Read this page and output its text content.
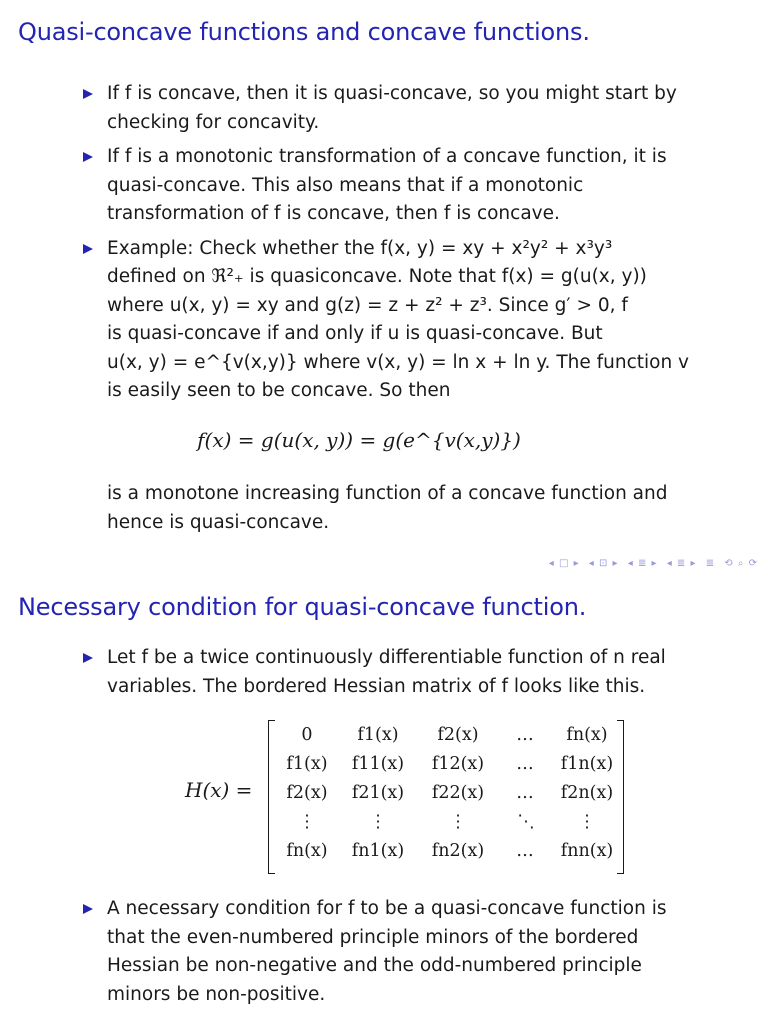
Quasi-concave functions and concave functions.
If f is concave, then it is quasi-concave, so you might start by
checking for concavity.
If f is a monotonic transformation of a concave function, it is
quasi-concave. This also means that if a monotonic
transformation of f is concave, then f is concave.
Example: Check whether the f(x, y) = xy + x²y² + x³y³
defined on ℜ²₊ is quasiconcave. Note that f(x) = g(u(x, y))
where u(x, y) = xy and g(z) = z + z² + z³. Since g′ > 0, f
is quasi-concave if and only if u is quasi-concave. But
u(x, y) = e^{v(x,y)} where v(x, y) = ln x + ln y. The function v
is easily seen to be concave. So then
f(x) = g(u(x, y)) = g(e^{v(x,y)})
is a monotone increasing function of a concave function and
hence is quasi-concave.
◂ □ ▸ ◂ ⊡ ▸ ◂ ≣ ▸ ◂ ≣ ▸ ≣ ⟲ ⌕ ⟳
Necessary condition for quasi-concave function.
Let f be a twice continuously differentiable function of n real
variables. The bordered Hessian matrix of f looks like this.
H(x) =
0	f1(x)	f2(x)	…	fn(x)
f1(x)	f11(x)	f12(x)	…	f1n(x)
f2(x)	f21(x)	f22(x)	…	f2n(x)
⋮	⋮	⋮	⋱	⋮
fn(x)	fn1(x)	fn2(x)	…	fnn(x)
A necessary condition for f to be a quasi-concave function is
that the even-numbered principle minors of the bordered
Hessian be non-negative and the odd-numbered principle
minors be non-positive.
